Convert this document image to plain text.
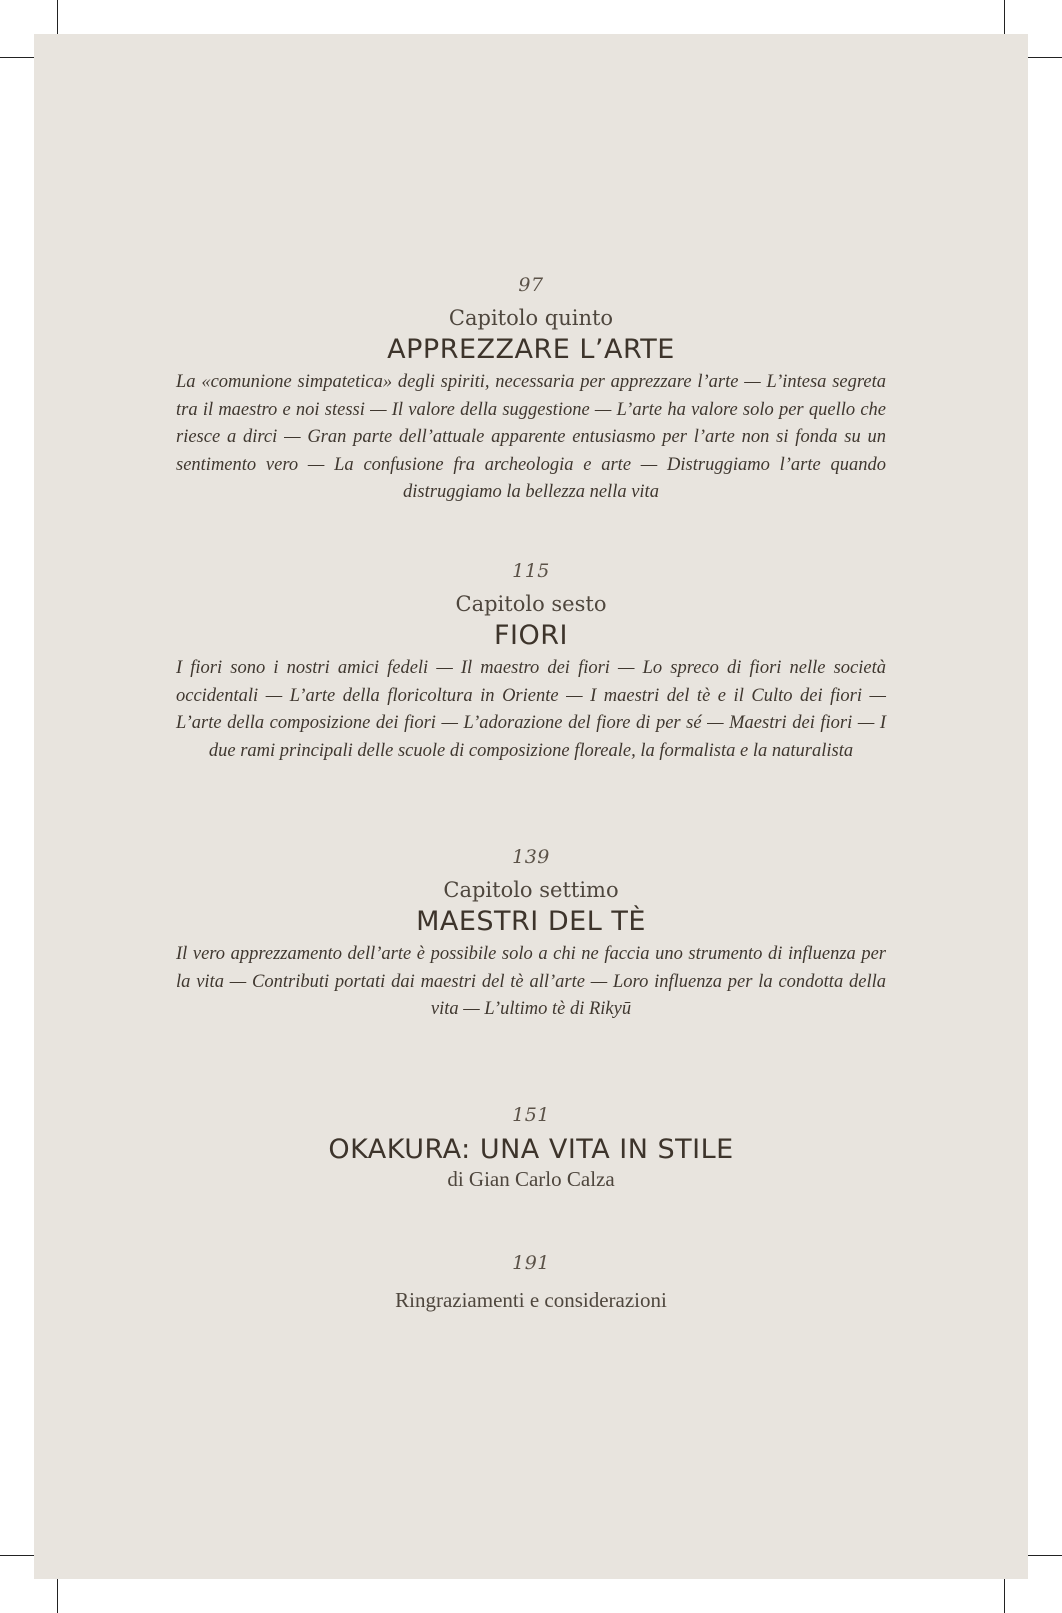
97
Capitolo quinto
APPREZZARE L’ARTE
La «comunione simpatetica» degli spiriti, necessaria per apprezzare l’arte — L’intesa segreta tra il maestro e noi stessi — Il valore della suggestione — L’arte ha valore solo per quello che riesce a dirci — Gran parte dell’attuale apparente entusiasmo per l’arte non si fonda su un sentimento vero — La confusione fra archeologia e arte — Distruggiamo l’arte quando distruggiamo la bellezza nella vita
115
Capitolo sesto
FIORI
I fiori sono i nostri amici fedeli — Il maestro dei fiori — Lo spreco di fiori nelle società occidentali — L’arte della floricoltura in Oriente — I maestri del tè e il Culto dei fiori — L’arte della composizione dei fiori — L’adorazione del fiore di per sé — Maestri dei fiori — I due rami principali delle scuole di composizione floreale, la formalista e la naturalista
139
Capitolo settimo
MAESTRI DEL TÈ
Il vero apprezzamento dell’arte è possibile solo a chi ne faccia uno strumento di influenza per la vita — Contributi portati dai maestri del tè all’arte — Loro influenza per la condotta della vita — L’ultimo tè di Rikyū
151
OKAKURA: UNA VITA IN STILE
di Gian Carlo Calza
191
Ringraziamenti e considerazioni
